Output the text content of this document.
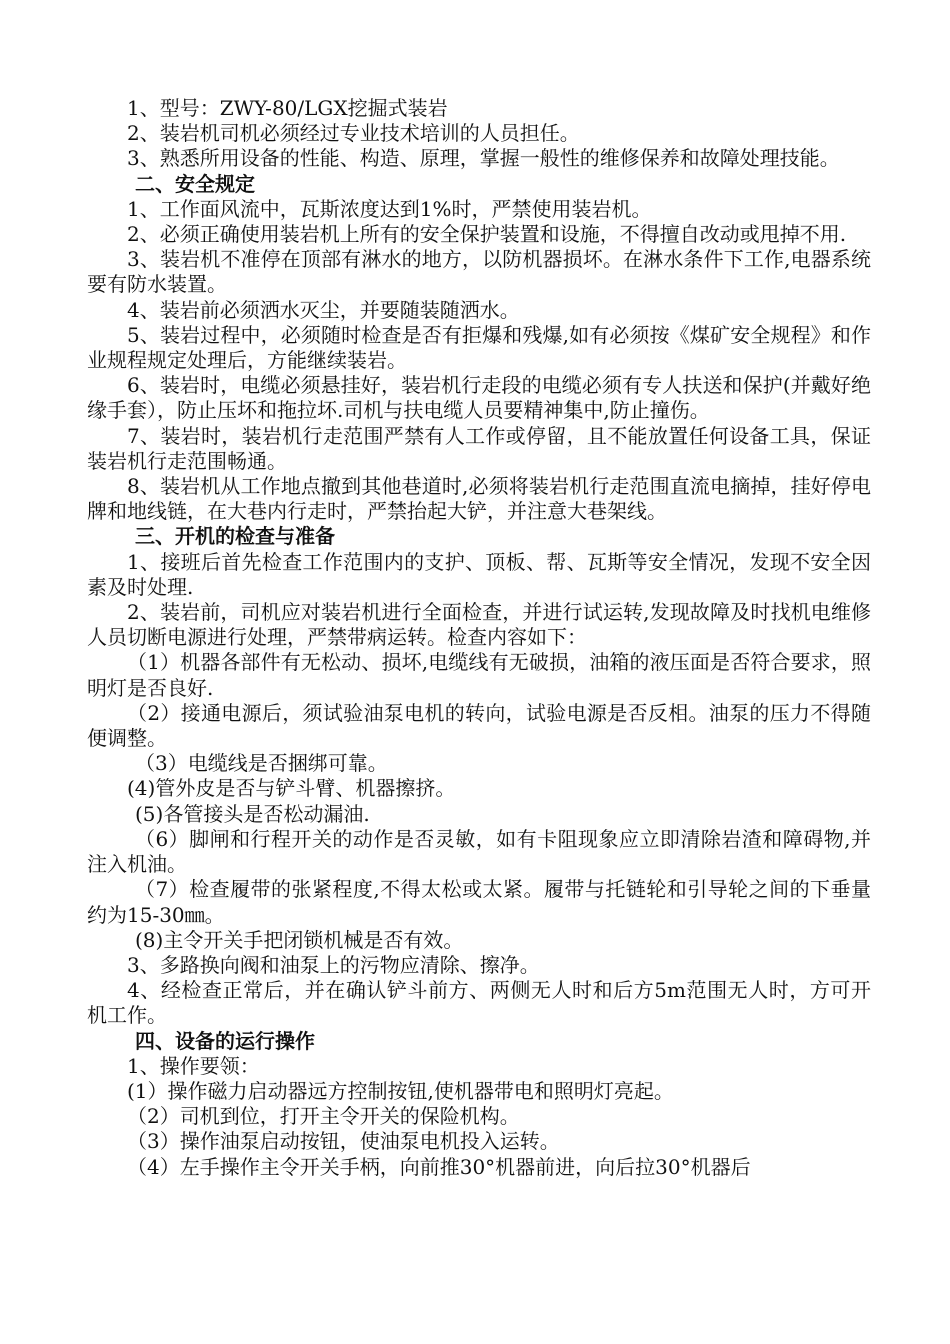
1、型号：ZWY-80/LGX挖掘式装岩

2、装岩机司机必须经过专业技术培训的人员担任。

3、熟悉所用设备的性能、构造、原理，掌握一般性的维修保养和故障处理技能。

二、安全规定

1、工作面风流中，瓦斯浓度达到1%时，严禁使用装岩机。

2、必须正确使用装岩机上所有的安全保护装置和设施，不得擅自改动或甩掉不用.

3、装岩机不准停在顶部有淋水的地方，以防机器损坏。在淋水条件下工作,电器系统要有防水装置。

4、装岩前必须洒水灭尘，并要随装随洒水。

5、装岩过程中，必须随时检查是否有拒爆和残爆,如有必须按《煤矿安全规程》和作业规程规定处理后，方能继续装岩。

6、装岩时，电缆必须悬挂好，装岩机行走段的电缆必须有专人扶送和保护(并戴好绝缘手套），防止压坏和拖拉坏.司机与扶电缆人员要精神集中,防止撞伤。

7、装岩时，装岩机行走范围严禁有人工作或停留，且不能放置任何设备工具，保证装岩机行走范围畅通。

8、装岩机从工作地点撤到其他巷道时,必须将装岩机行走范围直流电摘掉，挂好停电牌和地线链，在大巷内行走时，严禁抬起大铲，并注意大巷架线。

三、开机的检查与准备

1、接班后首先检查工作范围内的支护、顶板、帮、瓦斯等安全情况，发现不安全因素及时处理.

2、装岩前，司机应对装岩机进行全面检查，并进行试运转,发现故障及时找机电维修人员切断电源进行处理，严禁带病运转。检查内容如下：

（1）机器各部件有无松动、损坏,电缆线有无破损，油箱的液压面是否符合要求，照明灯是否良好.

（2）接通电源后，须试验油泵电机的转向，试验电源是否反相。油泵的压力不得随便调整。

（3）电缆线是否捆绑可靠。

(4)管外皮是否与铲斗臂、机器擦挤。

(5)各管接头是否松动漏油.

（6）脚闸和行程开关的动作是否灵敏，如有卡阻现象应立即清除岩渣和障碍物,并注入机油。

（7）检查履带的张紧程度,不得太松或太紧。履带与托链轮和引导轮之间的下垂量约为15-30㎜。

(8)主令开关手把闭锁机械是否有效。

3、多路换向阀和油泵上的污物应清除、擦净。

4、经检查正常后，并在确认铲斗前方、两侧无人时和后方5m范围无人时，方可开机工作。

四、设备的运行操作

1、操作要领：

(1）操作磁力启动器远方控制按钮,使机器带电和照明灯亮起。

（2）司机到位，打开主令开关的保险机构。

（3）操作油泵启动按钮，使油泵电机投入运转。

（4）左手操作主令开关手柄，向前推30°机器前进，向后拉30°机器后
